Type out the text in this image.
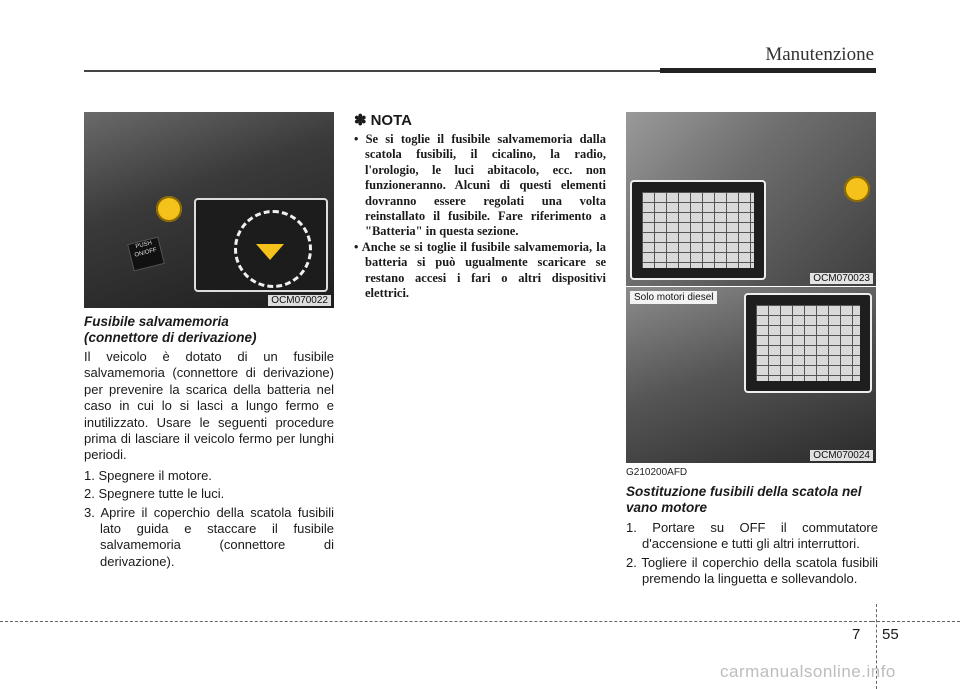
Manutenzione
PUSH ON/OFF
OCM070022
Fusibile salvamemoria
(connettore di derivazione)

Il veicolo è dotato di un fusibile salvamemoria (connettore di derivazione) per prevenire la scarica della batteria nel caso in cui lo si lasci a lungo fermo e inutilizzato. Usare le seguenti procedure prima di lasciare il veicolo fermo per lunghi periodi.

1. Spegnere il motore.
2. Spegnere tutte le luci.
3. Aprire il coperchio della scatola fusibili lato guida e staccare il fusibile salvamemoria (connettore di derivazione).
✽ NOTA
• Se si toglie il fusibile salvamemoria dalla scatola fusibili, il cicalino, la radio, l'orologio, le luci abitacolo, ecc. non funzioneranno. Alcuni di questi elementi dovranno essere regolati una volta reinstallato il fusibile. Fare riferimento a "Batteria" in questa sezione.
• Anche se si toglie il fusibile salvamemoria, la batteria si può ugualmente scaricare se restano accesi i fari o altri dispositivi elettrici.
OCM070023
Solo motori diesel
OCM070024
G210200AFD
Sostituzione fusibili della scatola nel
vano motore
1. Portare su OFF il commutatore d'accensione e tutti gli altri interruttori.
2. Togliere il coperchio della scatola fusibili premendo la linguetta e sollevandolo.
7 55
carmanualsonline.info
